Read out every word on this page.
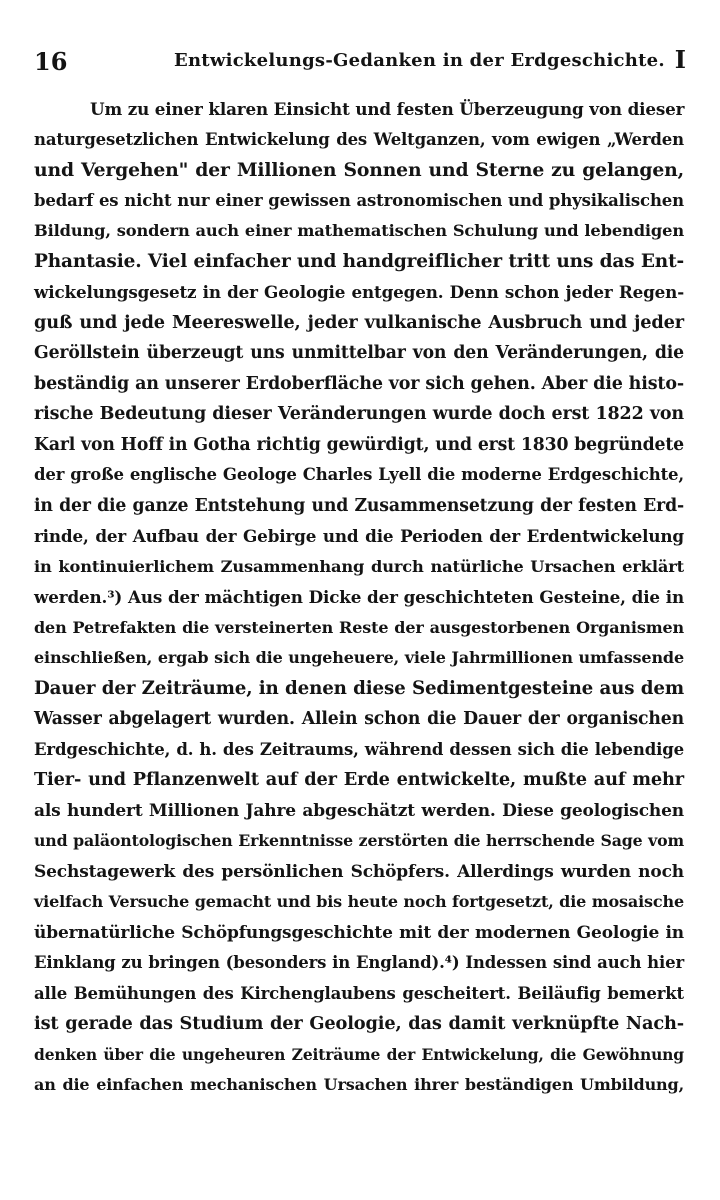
16	Entwickelungs-Gedanken in der Erdgeschichte. I
Um zu einer klaren Einsicht und festen Überzeugung von dieser
naturgesetzlichen Entwickelung des Weltganzen, vom ewigen „Werden
und Vergehen" der Millionen Sonnen und Sterne zu gelangen,
bedarf es nicht nur einer gewissen astronomischen und physikalischen
Bildung, sondern auch einer mathematischen Schulung und lebendigen
Phantasie. Viel einfacher und handgreiflicher tritt uns das Ent-
wickelungsgesetz in der Geologie entgegen. Denn schon jeder Regen-
guß und jede Meereswelle, jeder vulkanische Ausbruch und jeder
Geröllstein überzeugt uns unmittelbar von den Veränderungen, die
beständig an unserer Erdoberfläche vor sich gehen. Aber die histo-
rische Bedeutung dieser Veränderungen wurde doch erst 1822 von
Karl von Hoff in Gotha richtig gewürdigt, und erst 1830 begründete
der große englische Geologe Charles Lyell die moderne Erdgeschichte,
in der die ganze Entstehung und Zusammensetzung der festen Erd-
rinde, der Aufbau der Gebirge und die Perioden der Erdentwickelung
in kontinuierlichem Zusammenhang durch natürliche Ursachen erklärt
werden.³) Aus der mächtigen Dicke der geschichteten Gesteine, die in
den Petrefakten die versteinerten Reste der ausgestorbenen Organismen
einschließen, ergab sich die ungeheuere, viele Jahrmillionen umfassende
Dauer der Zeiträume, in denen diese Sedimentgesteine aus dem
Wasser abgelagert wurden. Allein schon die Dauer der organischen
Erdgeschichte, d. h. des Zeitraums, während dessen sich die lebendige
Tier- und Pflanzenwelt auf der Erde entwickelte, mußte auf mehr
als hundert Millionen Jahre abgeschätzt werden. Diese geologischen
und paläontologischen Erkenntnisse zerstörten die herrschende Sage vom
Sechstagewerk des persönlichen Schöpfers. Allerdings wurden noch
vielfach Versuche gemacht und bis heute noch fortgesetzt, die mosaische
übernatürliche Schöpfungsgeschichte mit der modernen Geologie in
Einklang zu bringen (besonders in England).⁴) Indessen sind auch hier
alle Bemühungen des Kirchenglaubens gescheitert. Beiläufig bemerkt
ist gerade das Studium der Geologie, das damit verknüpfte Nach-
denken über die ungeheuren Zeiträume der Entwickelung, die Gewöhnung
an die einfachen mechanischen Ursachen ihrer beständigen Umbildung,
